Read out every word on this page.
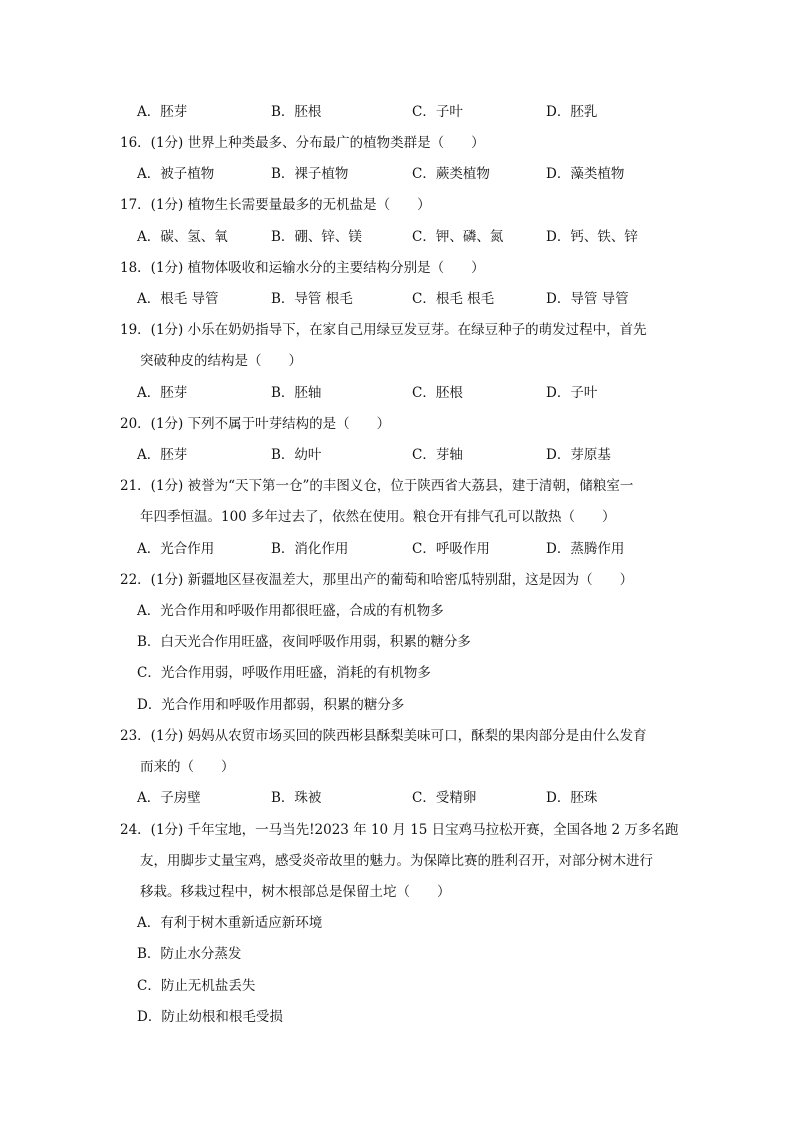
A．胚芽	B．胚根	C．子叶	D．胚乳
16．(1分) 世界上种类最多、分布最广的植物类群是（　　）
A．被子植物	B．裸子植物	C．蕨类植物	D．藻类植物
17．(1分) 植物生长需要量最多的无机盐是（　　）
A．碳、氢、氧	B．硼、锌、镁	C．钾、磷、氮	D．钙、铁、锌
18．(1分) 植物体吸收和运输水分的主要结构分别是（　　）
A．根毛 导管	B．导管 根毛	C．根毛 根毛	D．导管 导管
19．(1分) 小乐在奶奶指导下，在家自己用绿豆发豆芽。在绿豆种子的萌发过程中，首先
突破种皮的结构是（　　）
A．胚芽	B．胚轴	C．胚根	D．子叶
20．(1分) 下列不属于叶芽结构的是（　　）
A．胚芽	B．幼叶	C．芽轴	D．芽原基
21．(1分) 被誉为“天下第一仓”的丰图义仓，位于陕西省大荔县，建于清朝，储粮室一
年四季恒温。100 多年过去了，依然在使用。粮仓开有排气孔可以散热（　　）
A．光合作用	B．消化作用	C．呼吸作用	D．蒸腾作用
22．(1分) 新疆地区昼夜温差大，那里出产的葡萄和哈密瓜特别甜，这是因为（　　）
A．光合作用和呼吸作用都很旺盛，合成的有机物多
B．白天光合作用旺盛，夜间呼吸作用弱，积累的糖分多
C．光合作用弱，呼吸作用旺盛，消耗的有机物多
D．光合作用和呼吸作用都弱，积累的糖分多
23．(1分) 妈妈从农贸市场买回的陕西彬县酥梨美味可口，酥梨的果肉部分是由什么发育
而来的（　　）
A．子房壁	B．珠被	C．受精卵	D．胚珠
24．(1分) 千年宝地，一马当先!2023 年 10 月 15 日宝鸡马拉松开赛，全国各地 2 万多名跑
友，用脚步丈量宝鸡，感受炎帝故里的魅力。为保障比赛的胜利召开，对部分树木进行
移栽。移栽过程中，树木根部总是保留土坨（　　）
A．有利于树木重新适应新环境
B．防止水分蒸发
C．防止无机盐丢失
D．防止幼根和根毛受损
